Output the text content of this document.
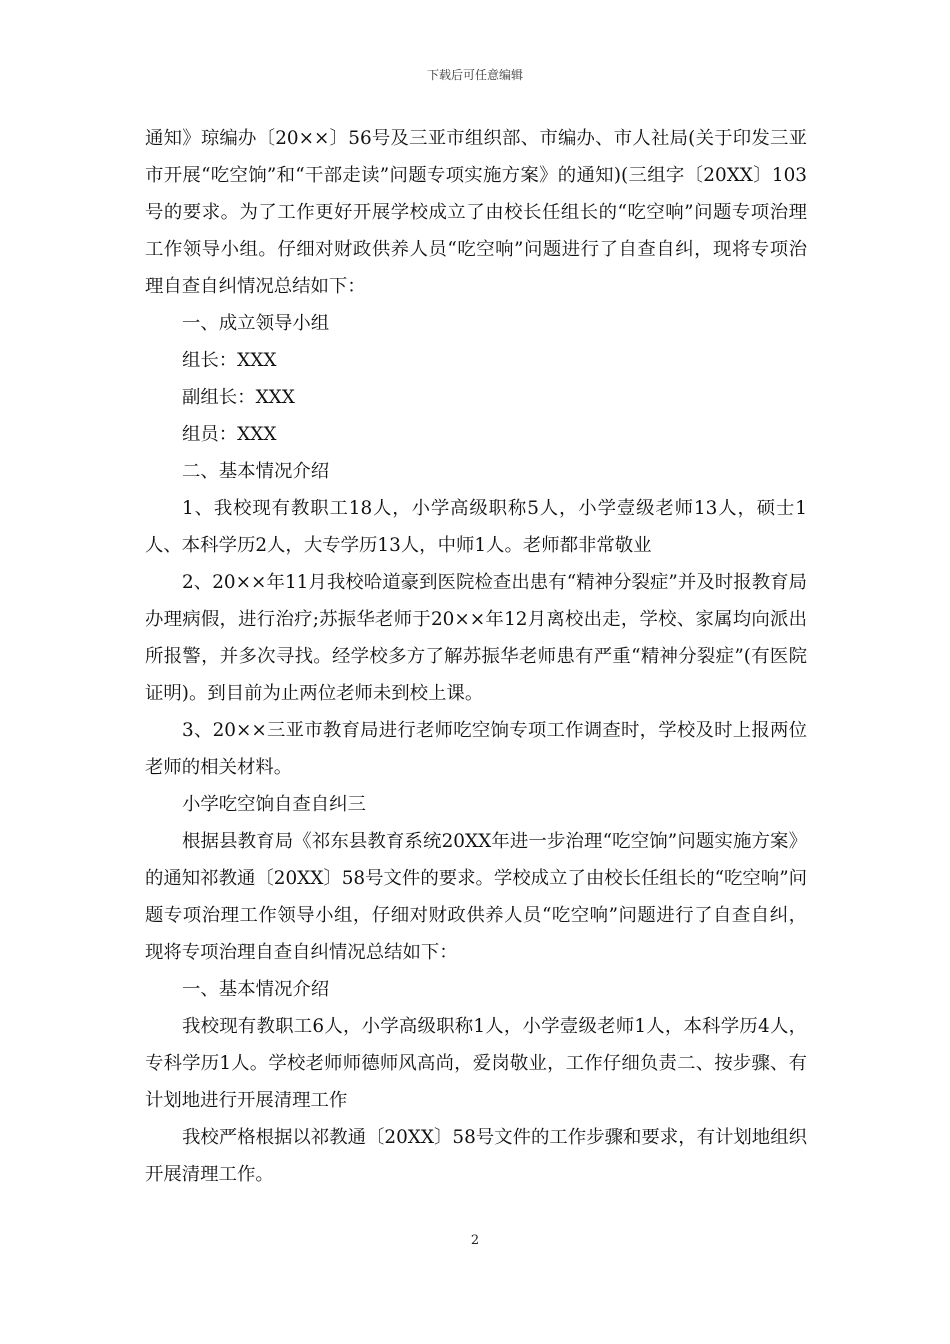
下载后可任意编辑

通知》琼编办〔20××〕56号及三亚市组织部、市编办、市人社局(关于印发三亚市开展“吃空饷”和“干部走读”问题专项实施方案》的通知)(三组字〔20XX〕103号的要求。为了工作更好开展学校成立了由校长任组长的“吃空响”问题专项治理工作领导小组。仔细对财政供养人员“吃空响”问题进行了自查自纠，现将专项治理自查自纠情况总结如下：

一、成立领导小组

组长：XXX

副组长：XXX

组员：XXX

二、基本情况介绍

1、我校现有教职工18人，小学高级职称5人，小学壹级老师13人，硕士1人、本科学历2人，大专学历13人，中师1人。老师都非常敬业

2、20××年11月我校哈道豪到医院检查出患有“精神分裂症”并及时报教育局办理病假，进行治疗;苏振华老师于20××年12月离校出走，学校、家属均向派出所报警，并多次寻找。经学校多方了解苏振华老师患有严重“精神分裂症”(有医院证明)。到目前为止两位老师未到校上课。

3、20××三亚市教育局进行老师吃空饷专项工作调查时，学校及时上报两位老师的相关材料。

小学吃空饷自查自纠三

根据县教育局《祁东县教育系统20XX年进一步治理“吃空饷”问题实施方案》的通知祁教通〔20XX〕58号文件的要求。学校成立了由校长任组长的“吃空响”问题专项治理工作领导小组，仔细对财政供养人员“吃空响”问题进行了自查自纠，现将专项治理自查自纠情况总结如下：

一、基本情况介绍

我校现有教职工6人，小学高级职称1人，小学壹级老师1人，本科学历4人，专科学历1人。学校老师师德师风高尚，爱岗敬业，工作仔细负责二、按步骤、有计划地进行开展清理工作

我校严格根据以祁教通〔20XX〕58号文件的工作步骤和要求，有计划地组织开展清理工作。

2
